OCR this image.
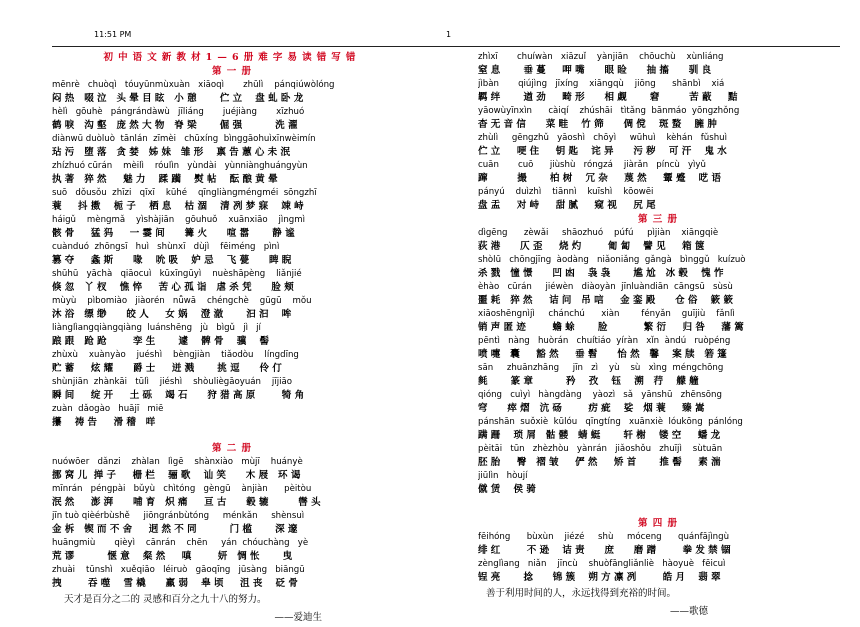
11:51 PM	1
初中语文新教材1—6册难字易读错写错
第 一 册
mēnrè   chuòqì   tóuyūnmùxuàn   xiāoqì       zhūlì    pánqiúwòlóng
闷 热   啜 泣   头 晕 目 眩   小 憩       伫 立    盘 虬 卧 龙
hèlì   gōuhè   pángrándàwù   jīliáng       juéjiàng       xīzhuó
鹤 唳   沟 壑   庞 然 大 物   脊 梁       倔 强          洗 濯
diànwū duòluò  tānlán  zīmèi   chūxíng  bìnggāohuìxīnwèimín
玷 污   堕 落   贪 婪   姊 妹   雏 形    禀 告 蕙 心 未 泯
zhízhuó cūrán    mèilì    róulìn   yùndài   yùnniànghuángyùn
执 著   猝 然     魅 力    蹂 躏    熨 帖    酝 酿 黄 晕
suō   dǒusǒu  zhīzi   qīxī    kūhé    qīngliàngméngméi  sōngzhī
蓑     抖 擞    栀 子    栖 息    枯 涸    清 冽 梦 寐    竦 峙
háigǔ    mèngmǎ    yìshàjiān    gōuhuǒ    xuānxiāo    jìngmì
骸 骨     猛 犸     一 霎 间      篝 火      喧 嚣       静 谧
cuànduó  zhōngsī   huì   shùnxī   dùjì    fēiméng   pìnì
篡 夺     螽 斯      喙    吮 吸    妒 忌    飞 甍      睥 睨
shūhū   yāchà   qiāocuì   kūxīngūyì    nuèshāpèng    liǎnjié
倏 忽   丫 杈    憔 悴     苦 心 孤 诣   虐 杀 凭      脸 颊
mùyù    pìbomiào   jiàorén   nǚwā    chéngchè    gūgū    mǒu
沐 浴   缥 缈      皎 人     女 娲    澄 澈       汩 汩    哞
liànglìangqiàngqiàng  luánshēng   jù   bìgǔ   jì   jí
踉 跟   跄 跄        孪 生       遽    髀 骨    骥    髻
zhùxù    xuànyào    juéshì    bèngjiàn    tiǎodòu    língdīng
贮 蓄     炫 耀      爵 士     迸 溅       挑 逗      伶 仃
shùnjiān  zhànkāi   tūlì    jiéshì    shòuliègāoyuán    jījiāo
瞬 间     绽 开     土 砾    竭 石      狩 猎 高 原        犄 角
zuàn  dǎogào   huājī   miē
攥    祷 告     滑 稽   咩
第 二 册
nuówōer   dǎnzi    zhàlan   lìgē    shànxiào   mùjī    huányè
挪 窝 儿  掸 子     栅 栏    骊 歌    讪 笑      木 屐   环 谒
mīnrán   péngpài   bǔyù   chìtóng   gèngū    ànjiàn      pèitòu
泯 然     澎 湃      哺 育   炽 痛     亘 古      毂 辘         辔 头
jīn tuò qièérbùshě     jiōngránbùtóng     ménkǎn     shènsuì
金 柝   锲 而 不 舍     迥 然 不 同          门 槛       深 邃
huāngmiù       qièyì    cānrán    chēn     yán  chóuchàng   yè
荒 谬          惬 意    粲 然     嗔        妍   惆 怅       曳
zhuài    tūnshì   xuěqiāo   léiruò   gāoqīng   jūsàng   biāngū
拽        吞 噬    雪 橇      羸 弱    皋 顷     沮 丧    砭 骨
天才是百分之二的 灵感和百分之九十八的努力。
——爱迪生
zhìxī       chuíwàn   xiāzuǐ    yànjiān    chōuchù    xùnliáng
窒 息       垂 蔓     呷 嘴      眼 睑      抽 搐      驯 良
jìbàn       qiújìng   jīxíng    xiāngqù    jiōng      shānbì    xiá
羁 绊       遒 劲     畸 形      相 觑       窘         苦 蔽     黠
yāowùyīnxìn      càiqí    zhúshāi   tìtǎng  bānmáo  yōngzhǒng
杳 无 音 信      菜 畦    竹 筛      倜 傥    斑 蝥    臃 肿
zhùlì     gēngzhǔ   yāoshì   chōyì     wūhuì    kèhán   fǔshuì
伫 立     哽 住     钥 匙    诧 异      污 秽    可 汗    鬼 水
cuān       cuō      jiùshù   róngzá    jiàrǎn   píncù   yìyǔ
蹿         撮       柏 树    冗 杂     蔑 然     颦 蹙    呓 语
pányú    duìzhì    tiānnì    kuīshì    kōowēi
盘 盂     对 峙     甜 腻     窥 视     尻 尾
第 三 册
dìgēng      zèwǎi     shāozhuó    púfú     pìjiàn    xiāngqiè
荻 港      仄 歪     烧 灼        匍 匐    譬 见     箱 箧
shòlū   chōngjīng  àodàng   niǎoniǎng  gǎngà   bìnggǔ   kuízuò
杀 戮   憧 憬      凹 凼    袅 袅       尴 尬   冰 毂    愧 怍
èhào   cūrán     jiéwèn   diàoyàn  jīnluàndiān  cāngsū   sùsù
噩 耗   猝 然     诘 问   吊 唁     金 銮 殿      仓 俗    簌 簌
xiāoshēngnìjì     chánchú      xiàn        fényǎn    guījiù    fǎnlì
销 声 匿 迹        蟾 蜍       脸           繁 衍     归 咎     藩 篱
pēntì   nàng   huòrán   chuítiáo  yíràn   xǐn  àndú   ruòpéng
喷 嚏   囊     豁 然     垂 髫      怡 然   馨    案 牍   箬 篷
sān     zhuānzhāng     jīn   zì    yù    sù   xìng  méngchōng
毵       篆 章          矜    孜    钰    溯   荇    艨 艟
qióng   cuìyì   hàngdàng    yàozì   sǎ   yānshū   zhēnsōng
穹      瘁 熠   沆 砀        疠 疵    娑   烟 蓑     臻 嵩
pánshān  suǒxiè  kūlóu   qīngtíng   xuānxiè  lóukōng  pánlóng
蹒 跚    琐 屑   骷 髅   蜻 蜓       轩 榭    镂 空     蟠 龙
pèitāi   tūn   zhèzhòu   yànrán   jiǎoshǒu   zhuījì    sùtuān
胚 胎     臀   褶 皱     俨 然     矫 首       推 髻     素 湍
jiūlìn   hòují
僦 赁    侯 骑
第 四 册
fēihóng      bùxùn    jiézé     shù     móceng      quánfājìngù
绯 红        不 逊    诘 责      庶      磨 蹭        拳 发 禁 锢
zènglìang   niǎn    jīncù    shuòfāngliǎnliè   hàoyuè   fēicuì
锃 亮       捻      锦 簇    朔 方 凛 冽        皓 月    翡 翠
善于利用时间的人，永远找得到充裕的时间。
——歌德
